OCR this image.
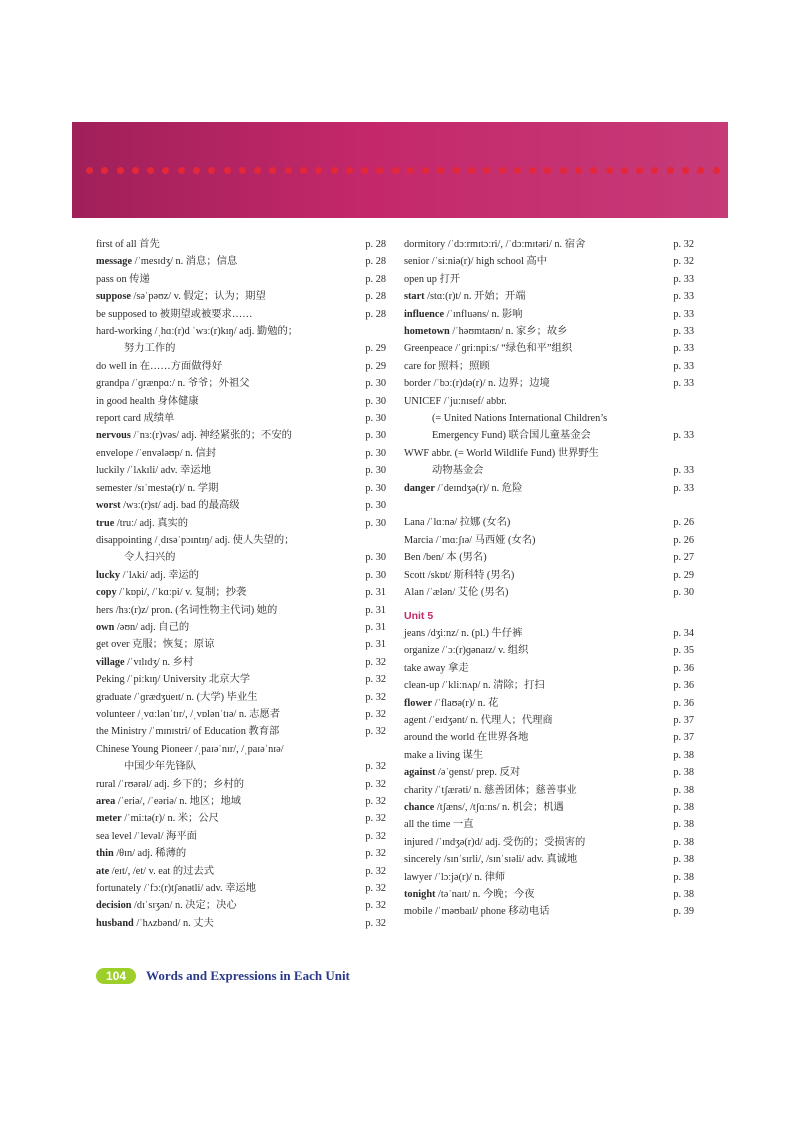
first of all 首先	p. 28
message /ˈmesɪdʒ/ n. 消息；信息	p. 28
pass on 传递	p. 28
suppose /səˈpəʊz/ v. 假定；认为；期望	p. 28
be supposed to 被期望或被要求……	p. 28
hard-working /ˌhɑː(r)d ˈwɜː(r)kɪŋ/ adj. 勤勉的；
努力工作的	p. 29
do well in 在……方面做得好	p. 29
grandpa /ˈɡrænpɑː/ n. 爷爷；外祖父	p. 30
in good health 身体健康	p. 30
report card 成绩单	p. 30
nervous /ˈnɜː(r)vəs/ adj. 神经紧张的；不安的	p. 30
envelope /ˈenvələʊp/ n. 信封	p. 30
luckily /ˈlʌkɪli/ adv. 幸运地	p. 30
semester /sɪˈmestə(r)/ n. 学期	p. 30
worst /wɜː(r)st/ adj. bad 的最高级	p. 30
true /truː/ adj. 真实的	p. 30
disappointing /ˌdɪsəˈpɔɪntɪŋ/ adj. 使人失望的；
令人扫兴的	p. 30
lucky /ˈlʌki/ adj. 幸运的	p. 30
copy /ˈkɒpi/, /ˈkɑːpi/ v. 复制；抄袭	p. 31
hers /hɜː(r)z/ pron. (名词性物主代词) 她的	p. 31
own /əʊn/ adj. 自己的	p. 31
get over 克服；恢复；原谅	p. 31
village /ˈvɪlɪdʒ/ n. 乡村	p. 32
Peking /ˈpiːkɪŋ/ University 北京大学	p. 32
graduate /ˈɡrædʒueɪt/ n. (大学) 毕业生	p. 32
volunteer /ˌvɑːlənˈtɪr/, /ˌvɒlənˈtɪə/ n. 志愿者	p. 32
the Ministry /ˈmɪnɪstri/ of Education 教育部	p. 32
Chinese Young Pioneer /ˌpaɪəˈnɪr/, /ˌpaɪəˈnɪə/
中国少年先锋队	p. 32
rural /ˈrʊərəl/ adj. 乡下的；乡村的	p. 32
area /ˈeriə/, /ˈeəriə/ n. 地区；地域	p. 32
meter /ˈmiːtə(r)/ n. 米；公尺	p. 32
sea level /ˈlevəl/ 海平面	p. 32
thin /θɪn/ adj. 稀薄的	p. 32
ate /eɪt/, /et/ v. eat 的过去式	p. 32
fortunately /ˈfɔː(r)tʃənətli/ adv. 幸运地	p. 32
decision /dɪˈsɪʒən/ n. 决定；决心	p. 32
husband /ˈhʌzbənd/ n. 丈夫	p. 32
dormitory /ˈdɔːrmɪtɔːri/, /ˈdɔːmɪtəri/ n. 宿舍	p. 32
senior /ˈsiːniə(r)/ high school 高中	p. 32
open up 打开	p. 33
start /stɑː(r)t/ n. 开始；开端	p. 33
influence /ˈɪnfluəns/ n. 影响	p. 33
hometown /ˈhəʊmtaʊn/ n. 家乡；故乡	p. 33
Greenpeace /ˈɡriːnpiːs/ “绿色和平”组织	p. 33
care for 照料；照顾	p. 33
border /ˈbɔː(r)də(r)/ n. 边界；边境	p. 33
UNICEF /ˈjuːnɪsef/ abbr.
(= United Nations International Children’s
Emergency Fund) 联合国儿童基金会	p. 33
WWF abbr. (= World Wildlife Fund) 世界野生
动物基金会	p. 33
danger /ˈdeɪndʒə(r)/ n. 危险	p. 33
Lana /ˈlɑːnə/ 拉娜 (女名)	p. 26
Marcia /ˈmɑːʃɪə/ 马西娅 (女名)	p. 26
Ben /ben/ 本 (男名)	p. 27
Scott /skɒt/ 斯科特 (男名)	p. 29
Alan /ˈælən/ 艾伦 (男名)	p. 30
Unit 5
jeans /dʒiːnz/ n. (pl.) 牛仔裤	p. 34
organize /ˈɔː(r)ɡənaɪz/ v. 组织	p. 35
take away 拿走	p. 36
clean-up /ˈkliːnʌp/ n. 清除；打扫	p. 36
flower /ˈflaʊə(r)/ n. 花	p. 36
agent /ˈeɪdʒənt/ n. 代理人；代理商	p. 37
around the world 在世界各地	p. 37
make a living 谋生	p. 38
against /əˈɡenst/ prep. 反对	p. 38
charity /ˈtʃærəti/ n. 慈善团体；慈善事业	p. 38
chance /tʃæns/, /tʃɑːns/ n. 机会；机遇	p. 38
all the time 一直	p. 38
injured /ˈɪndʒə(r)d/ adj. 受伤的；受损害的	p. 38
sincerely /sɪnˈsɪrli/, /sɪnˈsɪəli/ adv. 真诚地	p. 38
lawyer /ˈlɔːjə(r)/ n. 律师	p. 38
tonight /təˈnaɪt/ n. 今晚；今夜	p. 38
mobile /ˈməʊbaɪl/ phone 移动电话	p. 39
104	Words and Expressions in Each Unit
